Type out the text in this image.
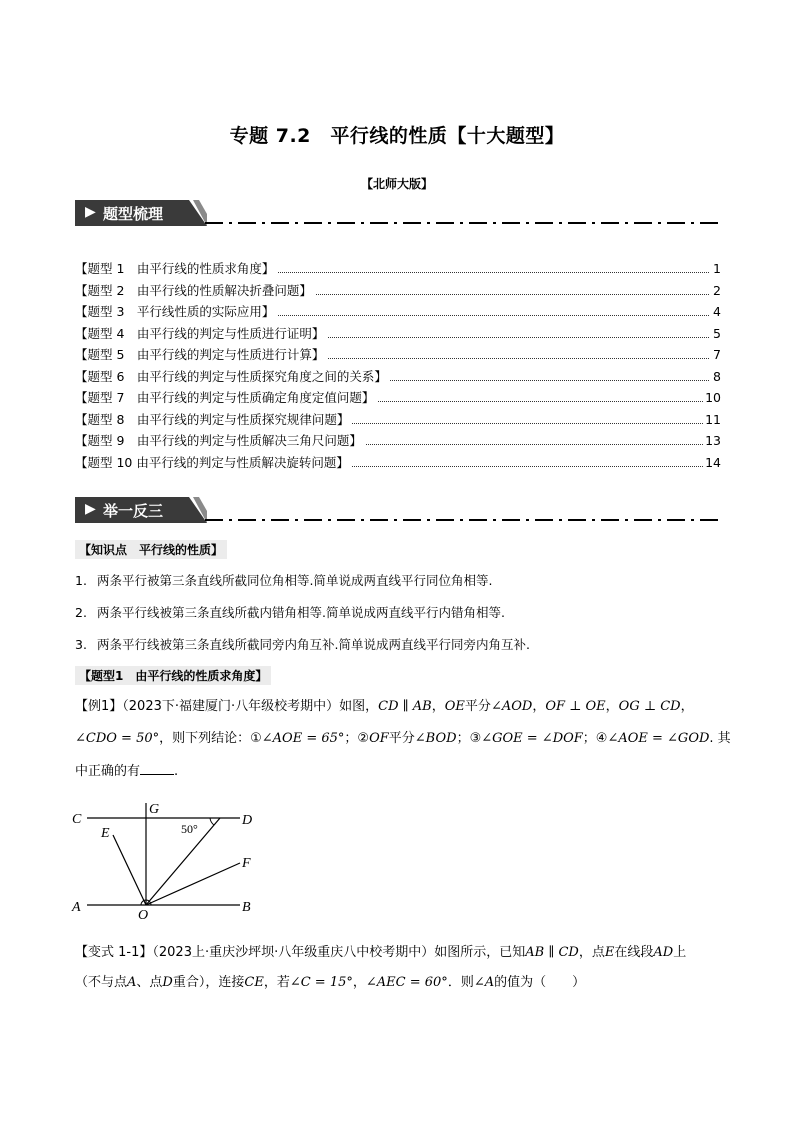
专题 7.2　平行线的性质【十大题型】
【北师大版】
▶ 题型梳理
【题型 1　由平行线的性质求角度】	1
【题型 2　由平行线的性质解决折叠问题】	2
【题型 3　平行线性质的实际应用】	4
【题型 4　由平行线的判定与性质进行证明】	5
【题型 5　由平行线的判定与性质进行计算】	7
【题型 6　由平行线的判定与性质探究角度之间的关系】	8
【题型 7　由平行线的判定与性质确定角度定值问题】	10
【题型 8　由平行线的判定与性质探究规律问题】	11
【题型 9　由平行线的判定与性质解决三角尺问题】	13
【题型 10 由平行线的判定与性质解决旋转问题】	14
▶ 举一反三
【知识点　平行线的性质】
1. 两条平行被第三条直线所截同位角相等.简单说成两直线平行同位角相等.
2. 两条平行线被第三条直线所截内错角相等.简单说成两直线平行内错角相等.
3. 两条平行线被第三条直线所截同旁内角互补.简单说成两直线平行同旁内角互补.
【题型1　由平行线的性质求角度】
【例1】（2023下·福建厦门·八年级校考期中）如图，CD ∥ AB，OE平分∠AOD，OF ⊥ OE，OG ⊥ CD，
∠CDO = 50°，则下列结论：①∠AOE = 65°；②OF平分∠BOD；③∠GOE = ∠DOF；④∠AOE = ∠GOD. 其
中正确的有	.
C
G
D
E
F
A
O
B
50°
【变式 1-1】（2023上·重庆沙坪坝·八年级重庆八中校考期中）如图所示，已知AB ∥ CD，点E在线段AD上
（不与点A、点D重合），连接CE，若∠C = 15°，∠AEC = 60°．则∠A的值为（　　）
